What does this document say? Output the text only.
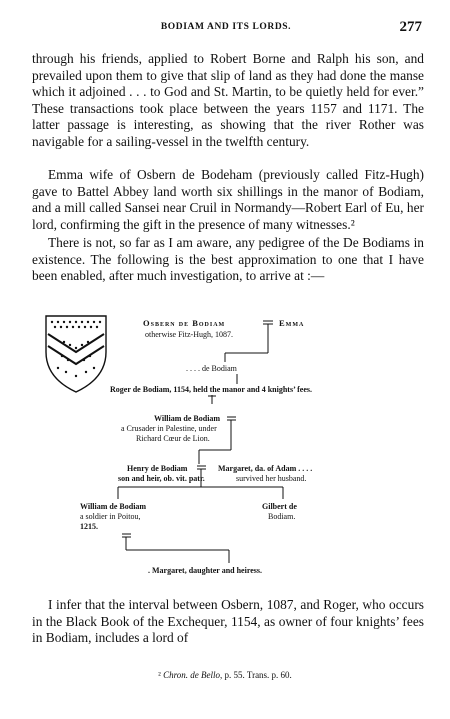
BODIAM AND ITS LORDS.	277

through his friends, applied to Robert Borne and Ralph his son, and prevailed upon them to give that slip of land as they had done the manse which it adjoined . . . to God and St. Martin, to be quietly held for ever.” These transactions took place between the years 1157 and 1171. The latter passage is interesting, as showing that the river Rother was navigable for a sailing-vessel in the twelfth century.

Emma wife of Osbern de Bodeham (previously called Fitz-Hugh) gave to Battel Abbey land worth six shillings in the manor of Bodiam, and a mill called Sansei near Cruil in Normandy—Robert Earl of Eu, her lord, confirming the gift in the presence of many witnesses.²

There is not, so far as I am aware, any pedigree of the De Bodiams in existence. The following is the best approximation to one that I have been enabled, after much investigation, to arrive at :—

Osbern de Bodiam	Emma
otherwise Fitz-Hugh, 1087.
. . . . de Bodiam
Roger de Bodiam, 1154, held the manor and 4 knights’ fees.
William de Bodiam
a Crusader in Palestine, under
Richard Cœur de Lion.
Henry de Bodiam
son and heir, ob. vit. patr.
Margaret, da. of Adam . . . .
survived her husband.
William de Bodiam
a soldier in Poitou,
1215.
Gilbert de
Bodiam.
. Margaret, daughter and heiress.

I infer that the interval between Osbern, 1087, and Roger, who occurs in the Black Book of the Exchequer, 1154, as owner of four knights’ fees in Bodiam, includes a lord of

² Chron. de Bello, p. 55. Trans. p. 60.
